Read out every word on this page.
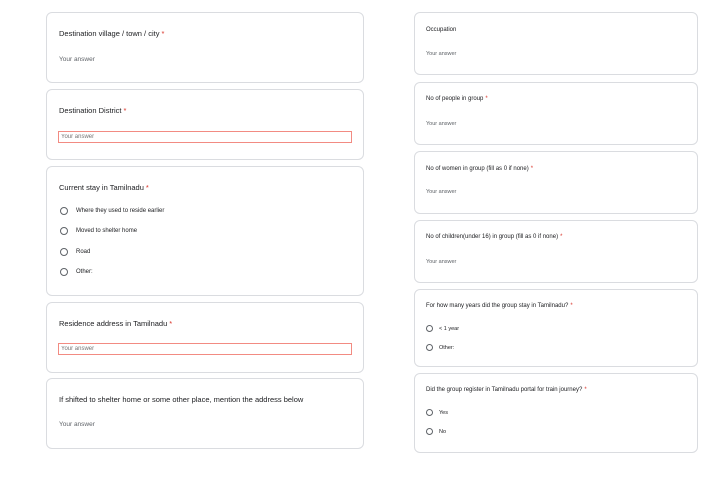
Destination village / town / city *
Your answer
Destination District *
Your answer
Current stay in Tamilnadu *
Where they used to reside earlier
Moved to shelter home
Road
Other:
Residence address in Tamilnadu *
Your answer
If shifted to shelter home or some other place, mention the address below
Your answer
Occupation
Your answer
No of people in group *
Your answer
No of women in group (fill as 0 if none) *
Your answer
No of children(under 16) in group (fill as 0 if none) *
Your answer
For how many years did the group stay in Tamilnadu? *
< 1 year
Other:
Did the group register in Tamilnadu portal for train journey? *
Yes
No
